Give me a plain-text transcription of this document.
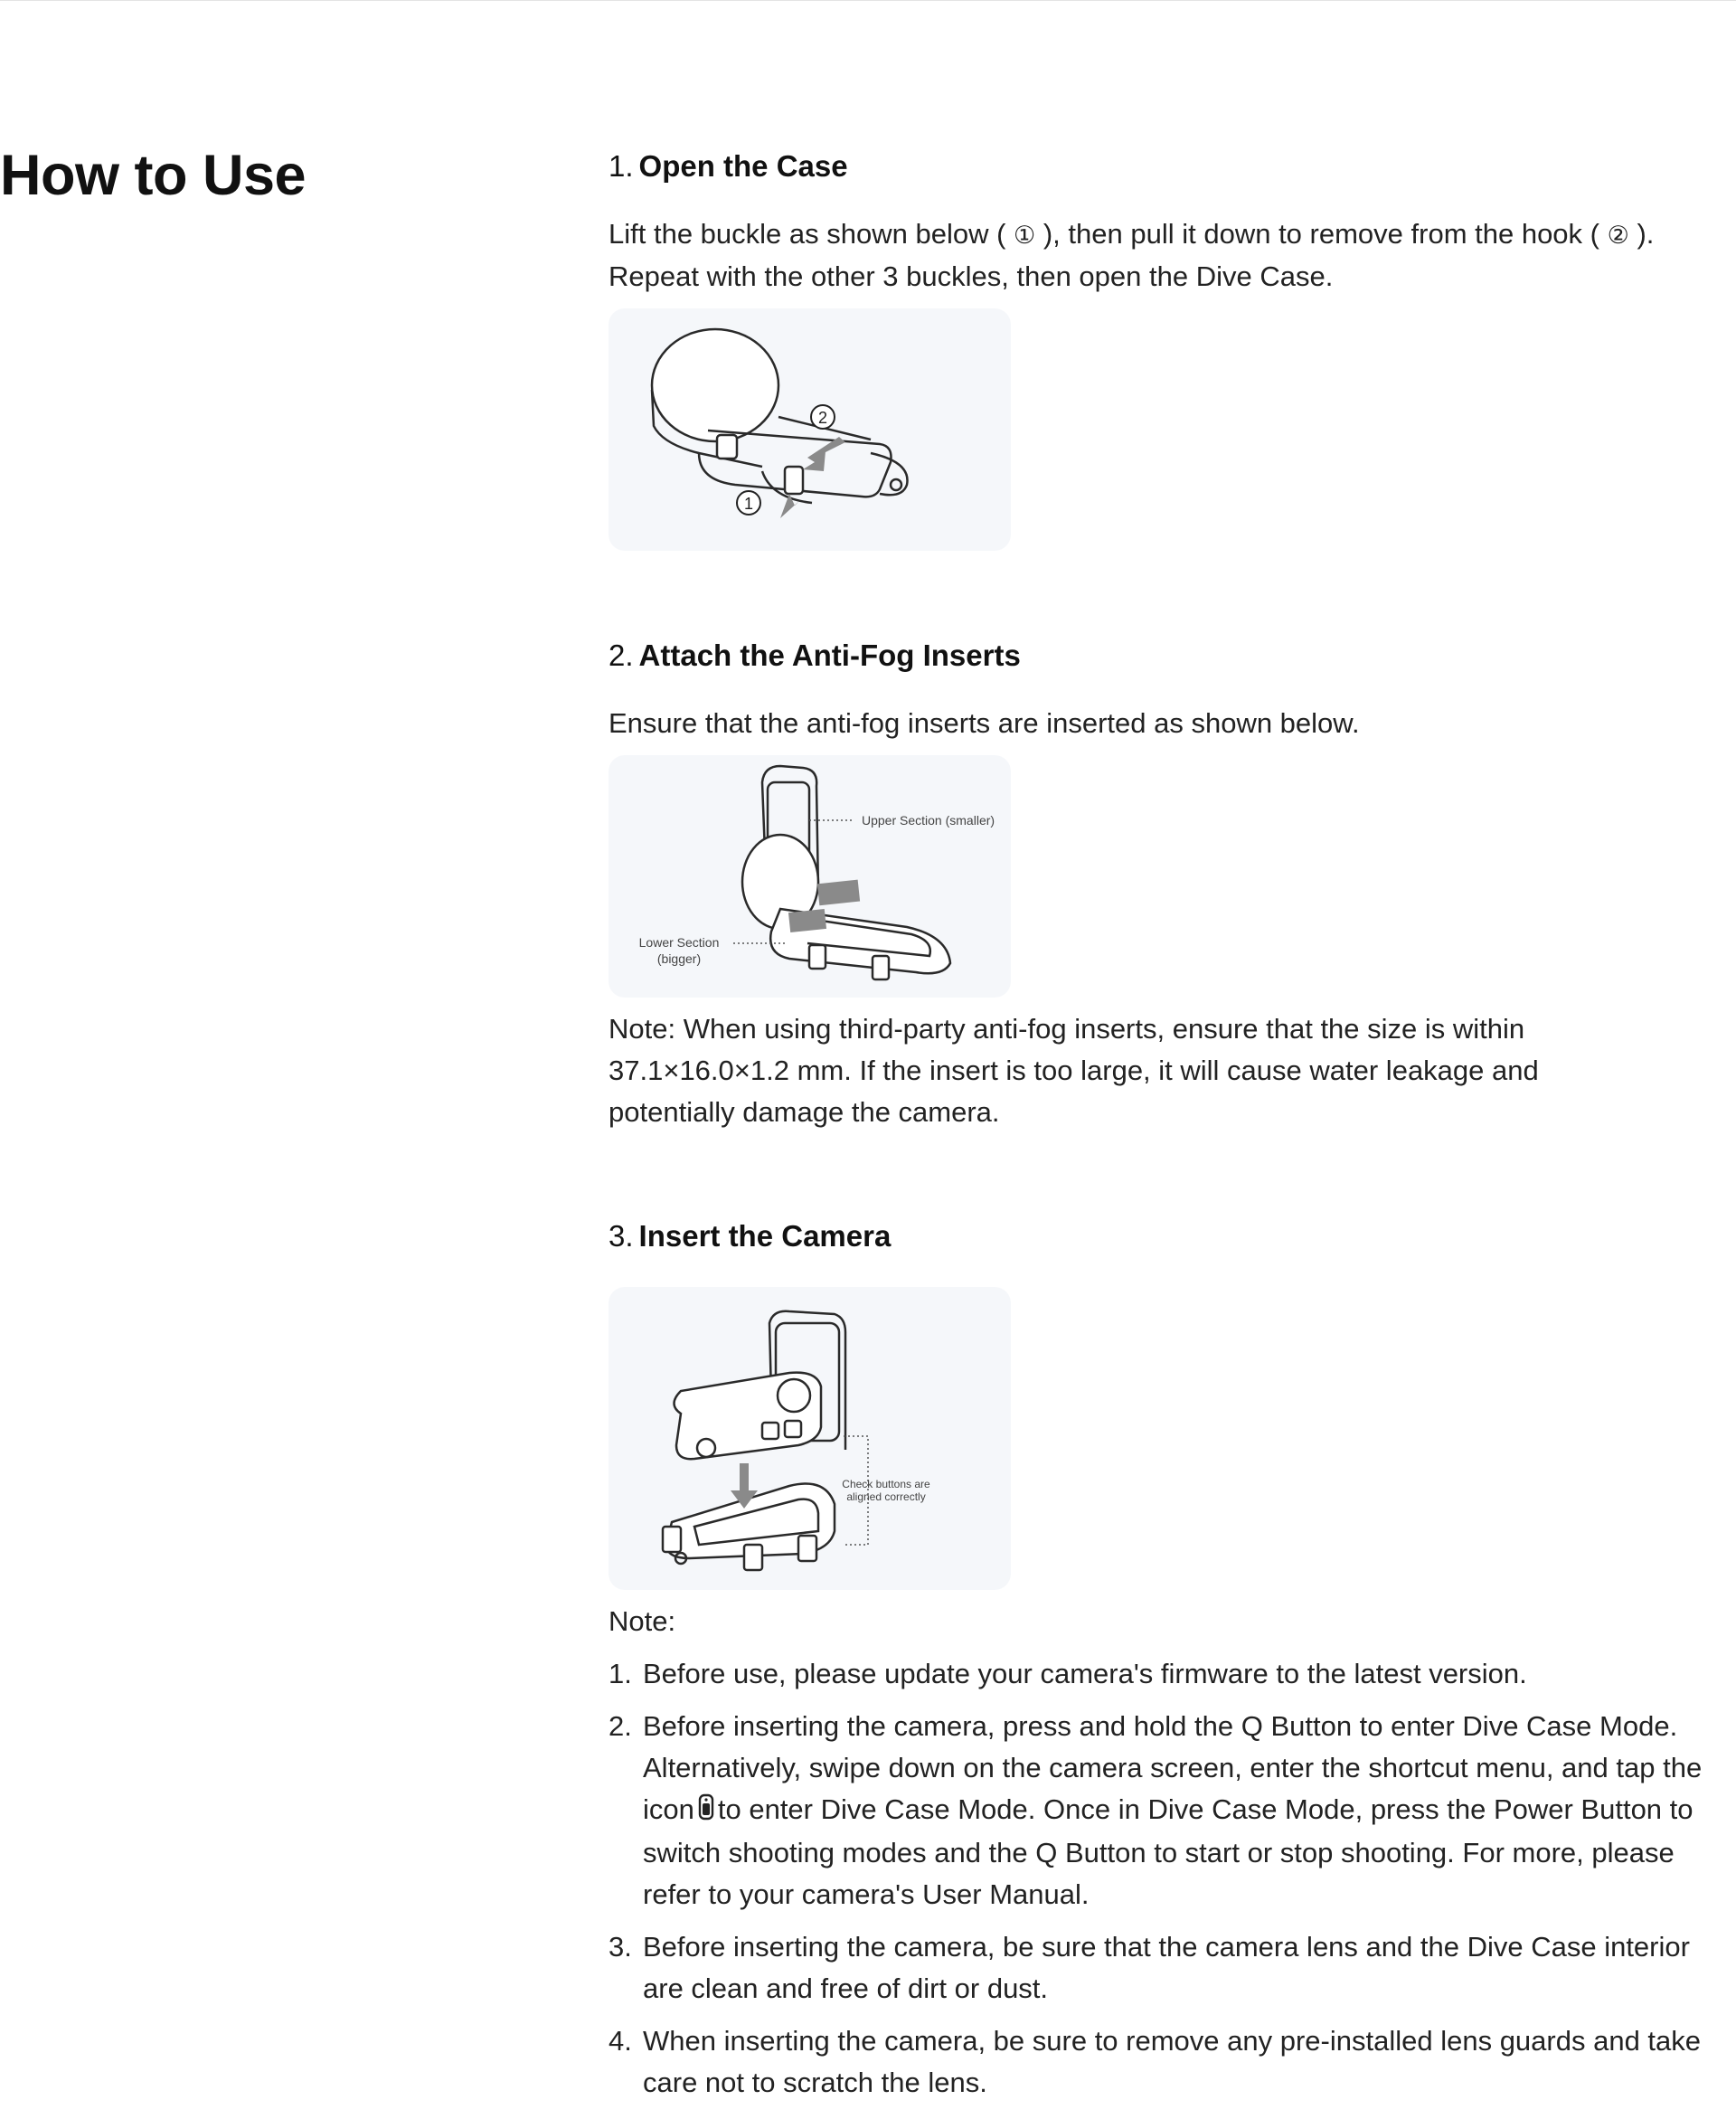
How to Use	1. Open the Case

Lift the buckle as shown below ( ① ), then pull it down to remove from the hook ( ② ). Repeat with the other 3 buckles, then open the Dive Case.

2
1
2. Attach the Anti-Fog Inserts

Ensure that the anti-fog inserts are inserted as shown below.

Upper Section (smaller)
Lower Section
(bigger)

Note: When using third-party anti-fog inserts, ensure that the size is within 37.1×16.0×1.2 mm. If the insert is too large, it will cause water leakage and potentially damage the camera.

3. Insert the Camera
Check buttons are
aligned correctly

Note:

1. Before use, please update your camera's firmware to the latest version.
2. Before inserting the camera, press and hold the Q Button to enter Dive Case Mode. Alternatively, swipe down on the camera screen, enter the shortcut menu, and tap the icon to enter Dive Case Mode. Once in Dive Case Mode, press the Power Button to switch shooting modes and the Q Button to start or stop shooting. For more, please refer to your camera's User Manual.
3. Before inserting the camera, be sure that the camera lens and the Dive Case interior are clean and free of dirt or dust.
4. When inserting the camera, be sure to remove any pre-installed lens guards and take care not to scratch the lens.
